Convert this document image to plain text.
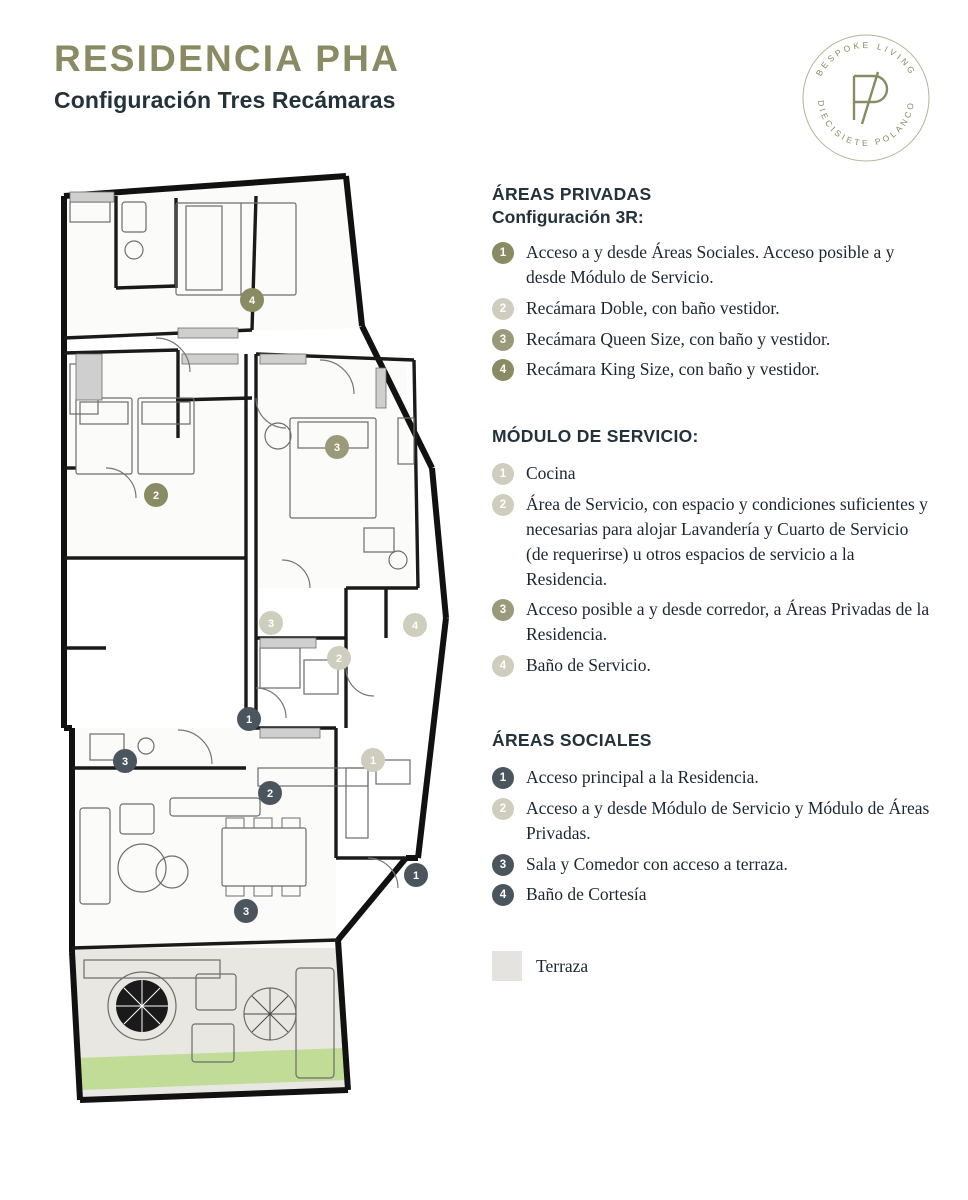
RESIDENCIA PHA
Configuración Tres Recámaras
BESPOKE LIVING
DIECISIETE POLANCO
4
3
2
3	4
2
1
3	1
2
1
3

ÁREAS PRIVADAS

Configuración 3R:

1	Acceso a y desde Áreas Sociales. Acceso posible a y desde Módulo de Servicio.
2	Recámara Doble, con baño vestidor.
3	Recámara Queen Size, con baño y vestidor.
4	Recámara King Size, con baño y vestidor.

MÓDULO DE SERVICIO:

1	Cocina
2	Área de Servicio, con espacio y condiciones suficientes y necesarias para alojar Lavandería y Cuarto de Servicio (de requerirse) u otros espacios de servicio a la Residencia.
3	Acceso posible a y desde corredor, a Áreas Privadas de la Residencia.
4	Baño de Servicio.

ÁREAS SOCIALES

1	Acceso principal a la Residencia.
2	Acceso a y desde Módulo de Servicio y Módulo de Áreas Privadas.
3	Sala y Comedor con acceso a terraza.
4	Baño de Cortesía
Terraza
